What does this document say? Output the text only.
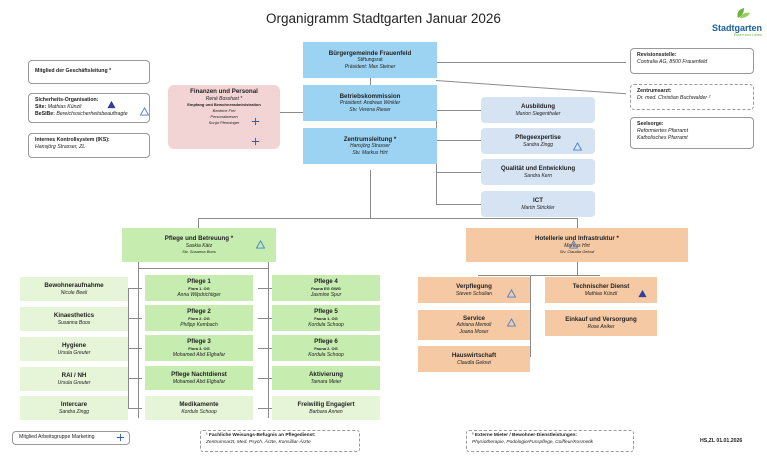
Organigramm Stadtgarten Januar 2026
Stadtgarten
Essen zum Leben
Mitglied der Geschäftsleitung *
Sicherheits-Organisation:
Site: Mathias Künzli
BeSiBe: Bereichssicherheitsbeauftragte
Internes Kontrollsystem (IKS):
Hansjörg Strasser, ZL
Finanzen und Personal
René Bosshart *
Empfang und Bewohneradministration
Beatrice Frei
Personalwesen
Sonja Pfenninger
Bürgergemeinde Frauenfeld
Stiftungsrat
Präsident: Max Steiner
Betriebskommission
Präsident: Andreas Winkler
Stv. Verena Rieser
Zentrumsleitung *
Hansjörg Strasser
Stv. Markus Hirt
Revisionsstelle:
Contralia AG, 8500 Frauenfeld
Zentrumsarzt:
Dr. med. Christian Buchwalder ²
Seelsorge:
Reformiertes Pfarramt
Katholisches Pfarramt
Ausbildung
Marion Siegenthaler
Pflegeexpertise
Sandra Zingg
Qualität und Entwicklung
Sandra Kern
ICT
Martin Strickler
Pflege und Betreuung *
Saskia Kätz
Stv. Susanna Boos
Hotellerie und Infrastruktur *
Markus Hirt
Stv. Claudia Gelowi
Bewohneraufnahme
Nicole Beeli
Kinaesthetics
Susanna Boos
Hygiene
Ursula Greuter
RAI / NH
Ursula Greuter
Intercare
Sandra Zingg
Pflege 1
Flora 1. OG
Anna Wilpdrichtiger
Pflege 2
Flora 2. OG
Philipp Kembach
Pflege 3
Flora 3. OG
Mohamed Abd Elghafar
Pflege Nachtdienst
Mohamed Abd Elghafar
Medikamente
Korduls Schoop
Pflege 4
Fauna EG GWG
Jasmine Spur
Pflege 5
Fauna 1. OG
Kordula Schoop
Pflege 6
Fauna 2. OG
Kordula Schoop
Aktivierung
Tamara Meier
Freiwillig Engagiert
Barbara Annen
Verpflegung
Steven Schulian
Service
Adriana Memoli
Joana Moser
Hauswirtschaft
Claudia Gelowi
Technischer Dienst
Mathias Künzli
Einkauf und Versorgung
Rose Aniker
Mitglied Arbeitsgruppe Marketing	¹ Fachliche Weisungs-Befugnis an Pflegedienst:
Zentrumsarzt, Med. Psych. Ärzte, Konsilliar-Ärzte
² Externe Mieter / Bewohner-Dienstleistungen:
Physiotherapie, Podologie/Fusspflege, Coiffeur/Kosmetik	HS,ZL 01.01.2026
